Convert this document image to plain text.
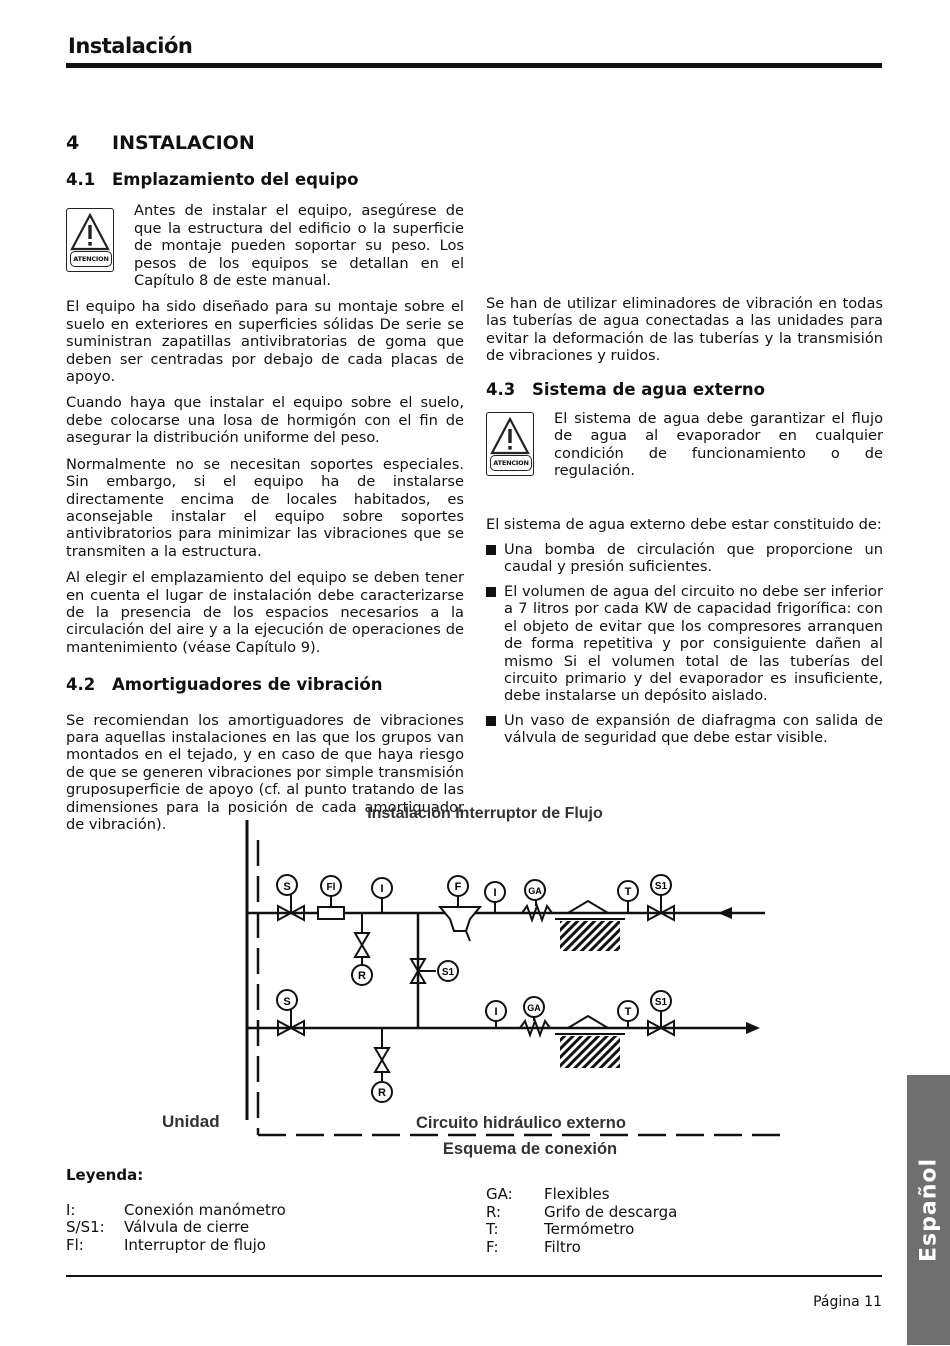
Instalación
4 INSTALACION
4.1 Emplazamiento del equipo
ATENCION

Antes de instalar el equipo, asegúrese de que la estructura del edificio o la superficie de montaje pueden soportar su peso. Los pesos de los equipos se detallan en el Capítulo 8 de este manual.

El equipo ha sido diseñado para su montaje sobre el suelo en exteriores en superficies sólidas De serie se suministran zapatillas antivibratorias de goma que deben ser centradas por debajo de cada placas de apoyo.

Cuando haya que instalar el equipo sobre el suelo, debe colocarse una losa de hormigón con el fin de asegurar la distribución uniforme del peso.

Normalmente no se necesitan soportes especiales. Sin embargo, si el equipo ha de instalarse directamente encima de locales habitados, es aconsejable instalar el equipo sobre soportes antivibratorios para minimizar las vibraciones que se transmiten a la estructura.

Al elegir el emplazamiento del equipo se deben tener en cuenta el lugar de instalación debe caracterizarse de la presencia de los espacios necesarios a la circulación del aire y a la ejecución de operaciones de mantenimiento (véase Capítulo 9).

4.2 Amortiguadores de vibración

Se recomiendan los amortiguadores de vibraciones para aquellas instalaciones en las que los grupos van montados en el tejado, y en caso de que haya riesgo de que se generen vibraciones por simple transmisión gruposuperficie de apoyo (cf. al punto tratando de las dimensiones para la posición de cada amortiguador de vibración).

Se han de utilizar eliminadores de vibración en todas las tuberías de agua conectadas a las unidades para evitar la deformación de las tuberías y la transmisión de vibraciones y ruidos.

4.3 Sistema de agua externo
ATENCION

El sistema de agua debe garantizar el flujo de agua al evaporador en cualquier condición de funcionamiento o de regulación.

El sistema de agua externo debe estar constituido de:

Una bomba de circulación que proporcione un caudal y presión suficientes.
El volumen de agua del circuito no debe ser inferior a 7 litros por cada KW de capacidad frigorífica: con el objeto de evitar que los compresores arranquen de forma repetitiva y por consiguiente dañen al mismo Si el volumen total de las tuberías del circuito primario y del evaporador es insuficiente, debe instalarse un depósito aislado.
Un vaso de expansión de diafragma con salida de válvula de seguridad que debe estar visible.
Instalación Interruptor de Flujo
S	Fl	I
R	S1
F	I	GA	T S1
S
R
I	GA	T
S1
Unidad	Circuito hidráulico externo
Esquema de conexión
Leyenda:
I:	Conexión manómetro
S/S1: Válvula de cierre
Fl:	Interruptor de flujo
GA: Flexibles
R:	Grifo de descarga
T:	Termómetro
F:	Filtro
Página 11
Español
